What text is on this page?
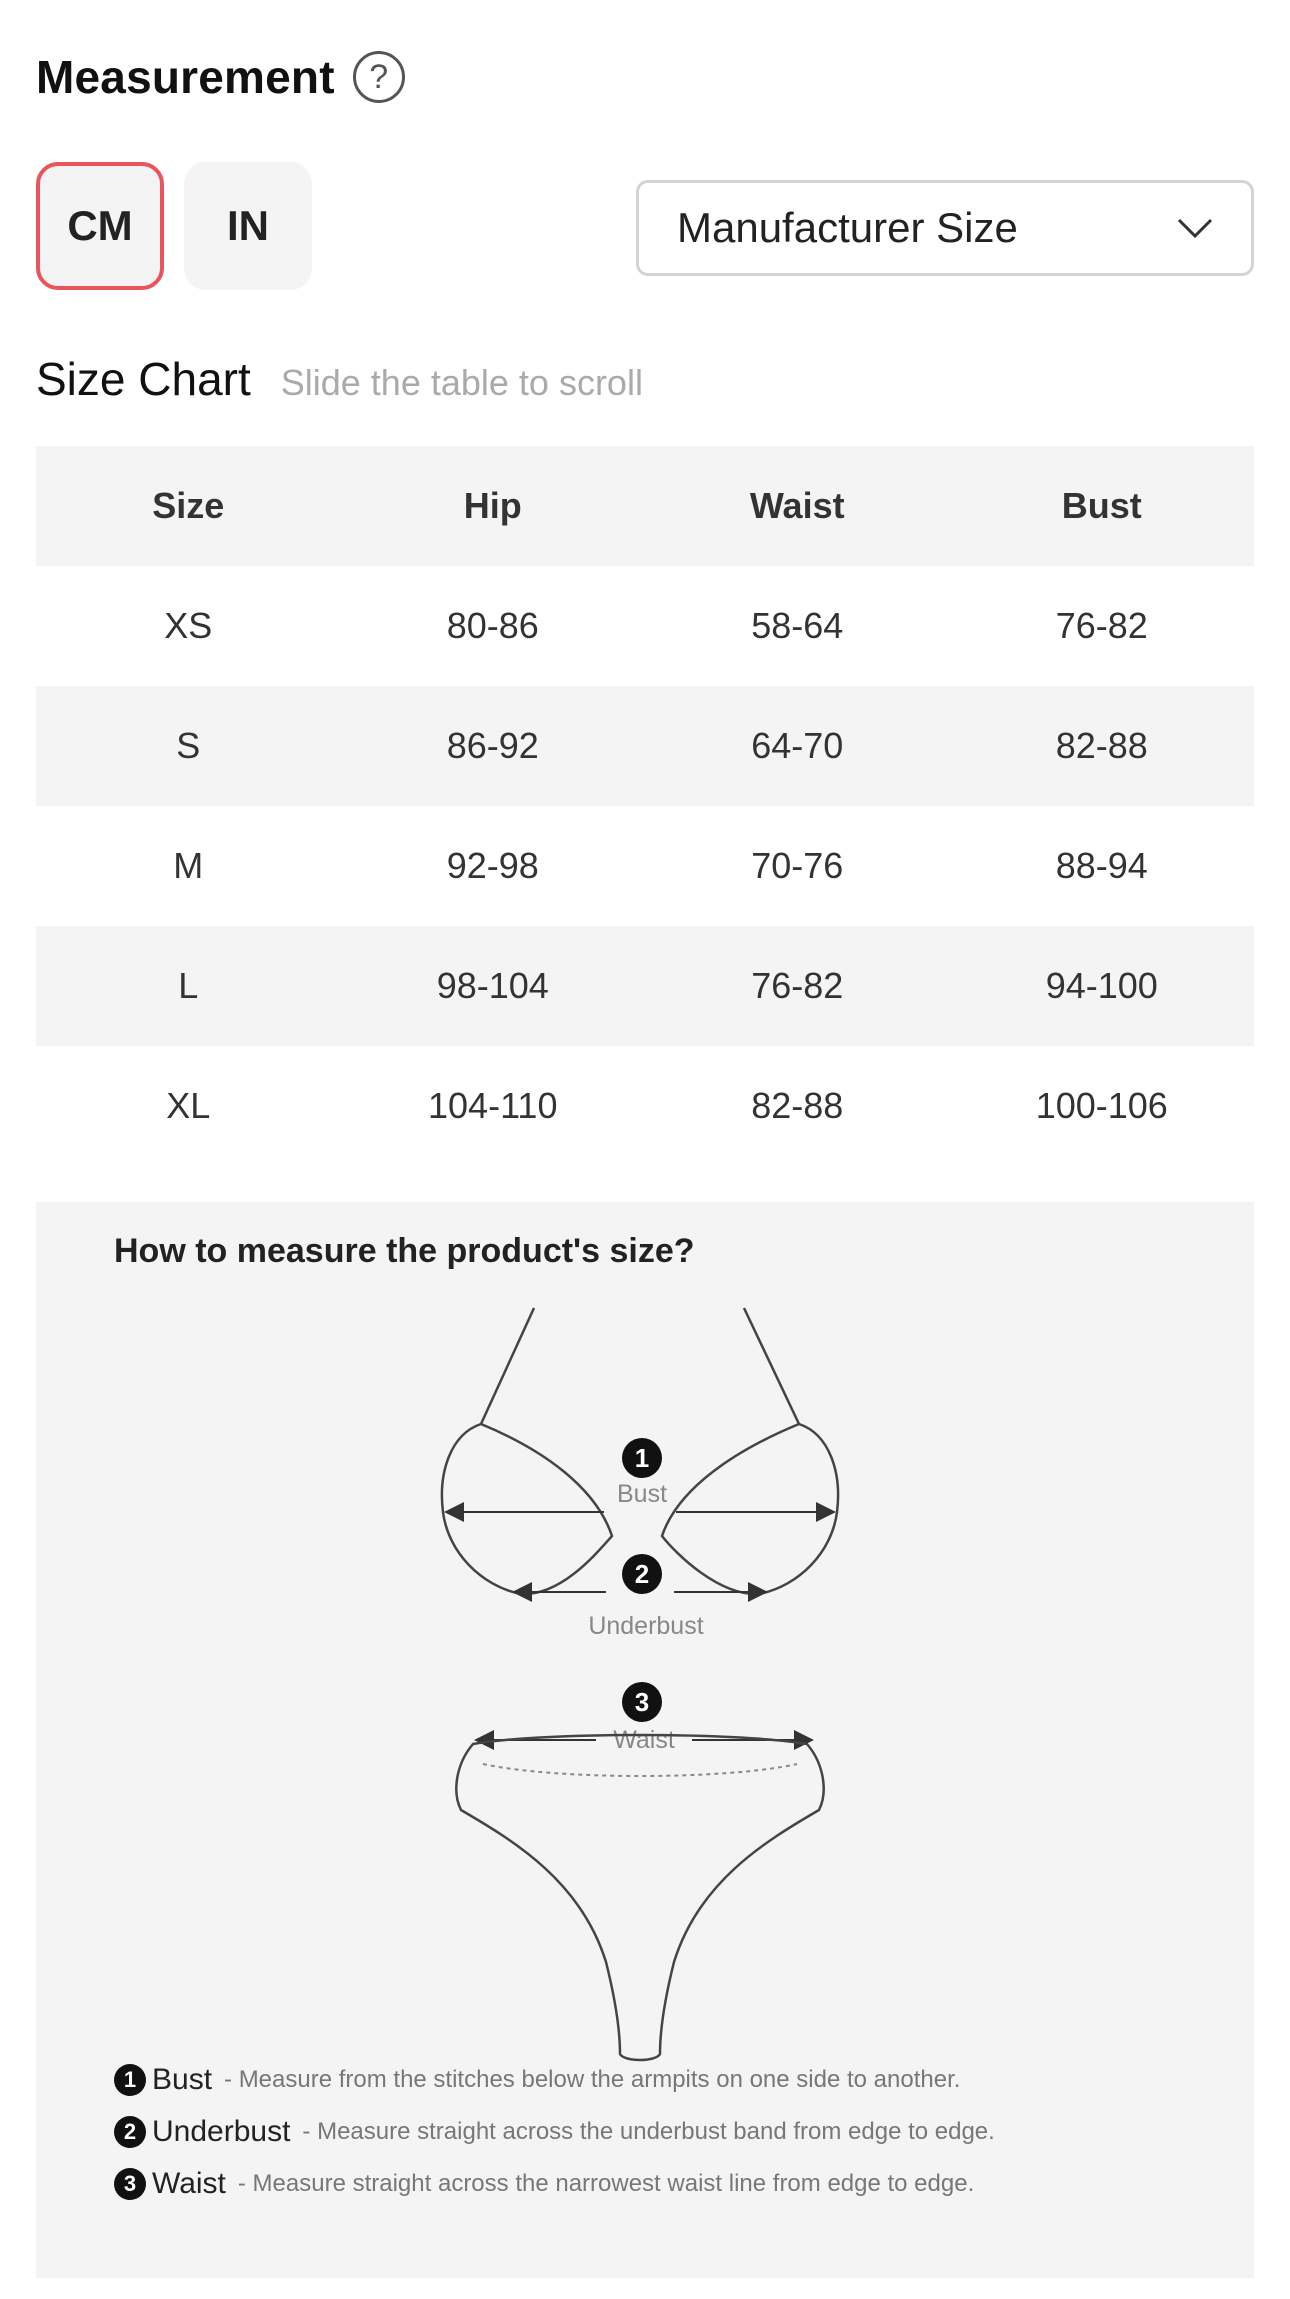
Measurement ?
CM IN	Manufacturer Size
Size Chart Slide the table to scroll
Size	Hip	Waist	Bust
XS	80-86	58-64	76-82
S	86-92	64-70	82-88
M	92-98	70-76	88-94
L	98-104	76-82	94-100
XL	104-110	82-88	100-106
1
Bust
2
Underbust
3
Waist
How to measure the product's size?
1 Bust - Measure from the stitches below the armpits on one side to another.
2 Underbust - Measure straight across the underbust band from edge to edge.
3 Waist - Measure straight across the narrowest waist line from edge to edge.
